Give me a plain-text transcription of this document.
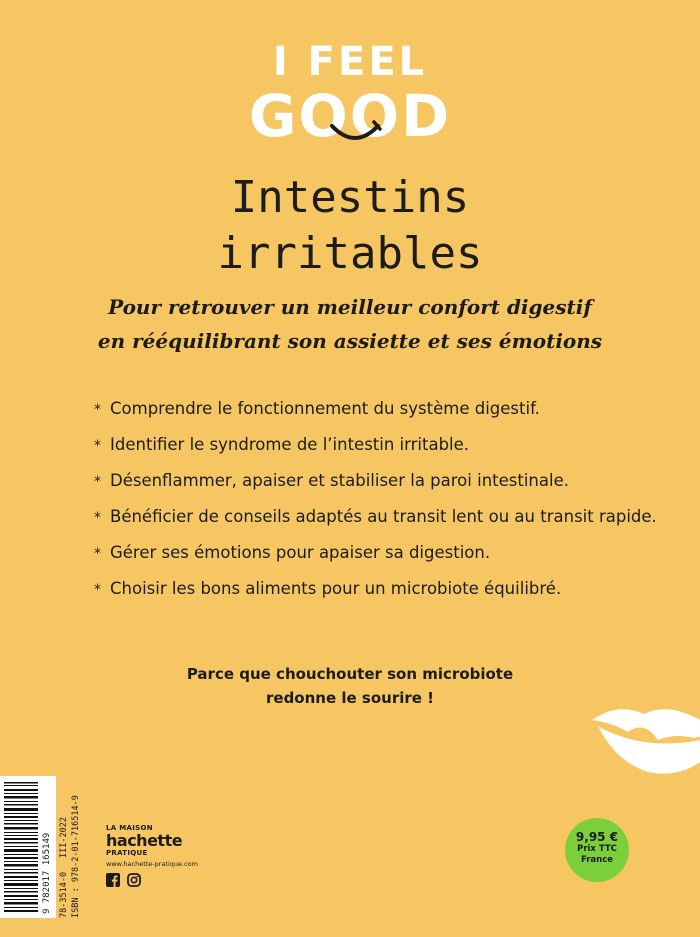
I FEEL
GOOD
Intestins
irritables
Pour retrouver un meilleur confort digestif
en rééquilibrant son assiette et ses émotions
* Comprendre le fonctionnement du système digestif.
* Identifier le syndrome de l’intestin irritable.
* Désenflammer, apaiser et stabiliser la paroi intestinale.
* Bénéficier de conseils adaptés au transit lent ou au transit rapide.
* Gérer ses émotions pour apaiser sa digestion.
* Choisir les bons aliments pour un microbiote équilibré.
Parce que chouchouter son microbiote
redonne le sourire !
9 782017 165149 78-3514-0III-2022 ISBN : 978-2-01-716514-9	LA MAISON
hachette
PRATIQUE
www.hachette-pratique.com

9,95 €
Prix TTC
France
